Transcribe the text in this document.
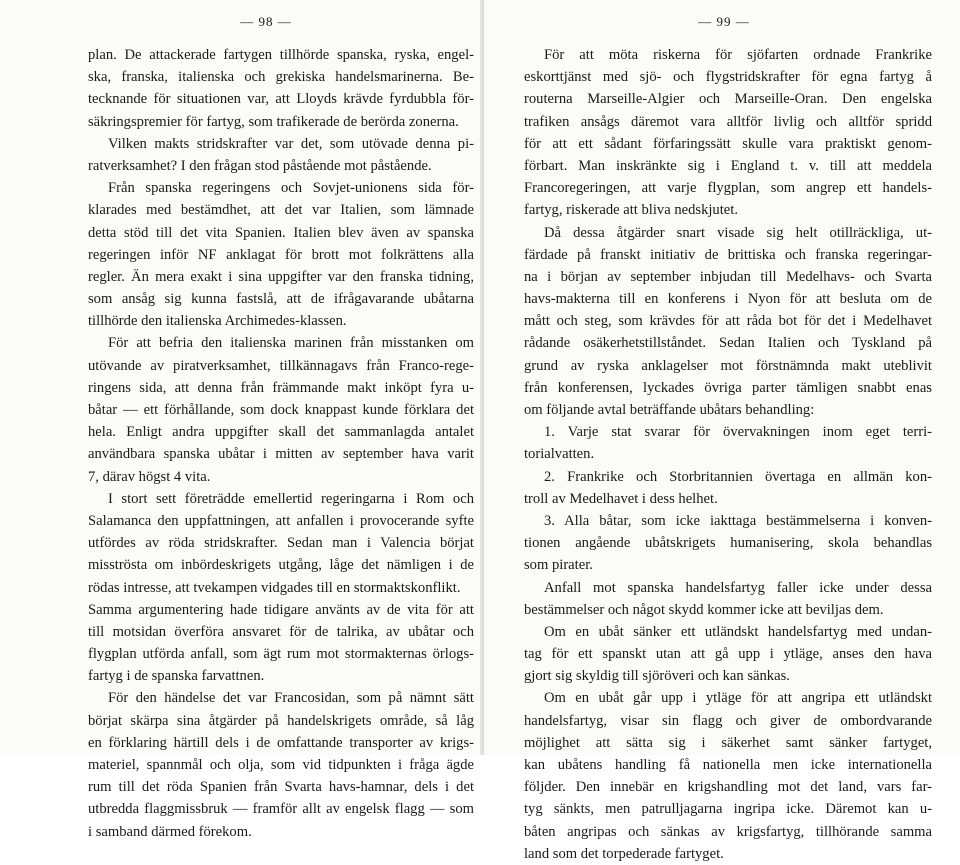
— 98 —
plan. De attackerade fartygen tillhörde spanska, ryska, engel-
ska, franska, italienska och grekiska handelsmarinerna. Be-
tecknande för situationen var, att Lloyds krävde fyrdubbla för-
säkringspremier för fartyg, som trafikerade de berörda zonerna.
Vilken makts stridskrafter var det, som utövade denna pi-
ratverksamhet? I den frågan stod påstående mot påstående.
Från spanska regeringens och Sovjet-unionens sida för-
klarades med bestämdhet, att det var Italien, som lämnade
detta stöd till det vita Spanien. Italien blev även av spanska
regeringen inför NF anklagat för brott mot folkrättens alla
regler. Än mera exakt i sina uppgifter var den franska tidning,
som ansåg sig kunna fastslå, att de ifrågavarande ubåtarna
tillhörde den italienska Archimedes-klassen.
För att befria den italienska marinen från misstanken om
utövande av piratverksamhet, tillkännagavs från Franco-rege-
ringens sida, att denna från främmande makt inköpt fyra u-
båtar — ett förhållande, som dock knappast kunde förklara det
hela. Enligt andra uppgifter skall det sammanlagda antalet
användbara spanska ubåtar i mitten av september hava varit
7, därav högst 4 vita.
I stort sett företrädde emellertid regeringarna i Rom och
Salamanca den uppfattningen, att anfallen i provocerande syfte
utfördes av röda stridskrafter. Sedan man i Valencia börjat
misströsta om inbördeskrigets utgång, låge det nämligen i de
rödas intresse, att tvekampen vidgades till en stormaktskonflikt.
Samma argumentering hade tidigare använts av de vita för att
till motsidan överföra ansvaret för de talrika, av ubåtar och
flygplan utförda anfall, som ägt rum mot stormakternas örlogs-
fartyg i de spanska farvattnen.
För den händelse det var Francosidan, som på nämnt sätt
börjat skärpa sina åtgärder på handelskrigets område, så låg
en förklaring härtill dels i de omfattande transporter av krigs-
materiel, spannmål och olja, som vid tidpunkten i fråga ägde
rum till det röda Spanien från Svarta havs-hamnar, dels i det
utbredda flaggmissbruk — framför allt av engelsk flagg — som
i samband därmed förekom.
— 99 —
För att möta riskerna för sjöfarten ordnade Frankrike
eskorttjänst med sjö- och flygstridskrafter för egna fartyg å
routerna Marseille-Algier och Marseille-Oran. Den engelska
trafiken ansågs däremot vara alltför livlig och alltför spridd
för att ett sådant förfaringssätt skulle vara praktiskt genom-
förbart. Man inskränkte sig i England t. v. till att meddela
Francoregeringen, att varje flygplan, som angrep ett handels-
fartyg, riskerade att bliva nedskjutet.
Då dessa åtgärder snart visade sig helt otillräckliga, ut-
färdade på franskt initiativ de brittiska och franska regeringar-
na i början av september inbjudan till Medelhavs- och Svarta
havs-makterna till en konferens i Nyon för att besluta om de
mått och steg, som krävdes för att råda bot för det i Medelhavet
rådande osäkerhetstillståndet. Sedan Italien och Tyskland på
grund av ryska anklagelser mot förstnämnda makt uteblivit
från konferensen, lyckades övriga parter tämligen snabbt enas
om följande avtal beträffande ubåtars behandling:
1. Varje stat svarar för övervakningen inom eget terri-
torialvatten.
2. Frankrike och Storbritannien övertaga en allmän kon-
troll av Medelhavet i dess helhet.
3. Alla båtar, som icke iakttaga bestämmelserna i konven-
tionen angående ubåtskrigets humanisering, skola behandlas
som pirater.
Anfall mot spanska handelsfartyg faller icke under dessa
bestämmelser och något skydd kommer icke att beviljas dem.
Om en ubåt sänker ett utländskt handelsfartyg med undan-
tag för ett spanskt utan att gå upp i ytläge, anses den hava
gjort sig skyldig till sjöröveri och kan sänkas.
Om en ubåt går upp i ytläge för att angripa ett utländskt
handelsfartyg, visar sin flagg och giver de ombordvarande
möjlighet att sätta sig i säkerhet samt sänker fartyget,
kan ubåtens handling få nationella men icke internationella
följder. Den innebär en krigshandling mot det land, vars far-
tyg sänkts, men patrulljagarna ingripa icke. Däremot kan u-
båten angripas och sänkas av krigsfartyg, tillhörande samma
land som det torpederade fartyget.
